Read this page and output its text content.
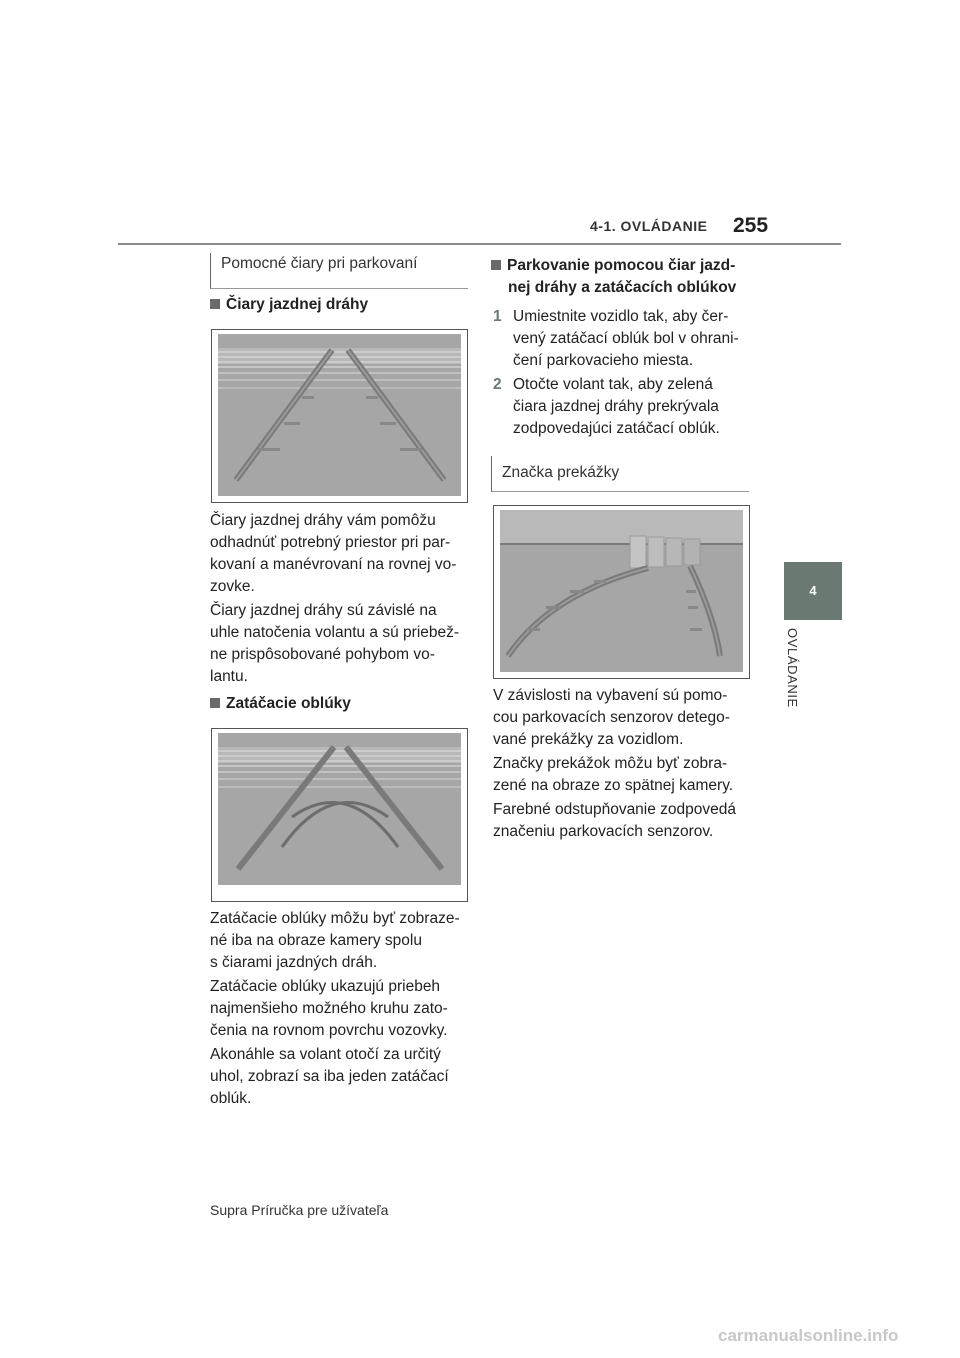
4-1. OVLÁDANIE 255
4
OVLÁDANIE
Pomocné čiary pri parkovaní
Čiary jazdnej dráhy
Čiary jazdnej dráhy vám pomôžu
odhadnúť potrebný priestor pri par-
kovaní a manévrovaní na rovnej vo-
zovke.
Čiary jazdnej dráhy sú závislé na
uhle natočenia volantu a sú priebež-
ne prispôsobované pohybom vo-
lantu.
Zatáčacie oblúky
Zatáčacie oblúky môžu byť zobraze-
né iba na obraze kamery spolu
s čiarami jazdných dráh.
Zatáčacie oblúky ukazujú priebeh
najmenšieho možného kruhu zato-
čenia na rovnom povrchu vozovky.
Akonáhle sa volant otočí za určitý
uhol, zobrazí sa iba jeden zatáčací
oblúk.
Parkovanie pomocou čiar jazd-
nej dráhy a zatáčacích oblúkov
1 Umiestnite vozidlo tak, aby čer-
vený zatáčací oblúk bol v ohrani-
čení parkovacieho miesta.
2 Otočte volant tak, aby zelená
čiara jazdnej dráhy prekrývala
zodpovedajúci zatáčací oblúk.
Značka prekážky
V závislosti na vybavení sú pomo-
cou parkovacích senzorov detego-
vané prekážky za vozidlom.
Značky prekážok môžu byť zobra-
zené na obraze zo spätnej kamery.
Farebné odstupňovanie zodpovedá
značeniu parkovacích senzorov.
Supra Príručka pre užívateľa
carmanualsonline.info
